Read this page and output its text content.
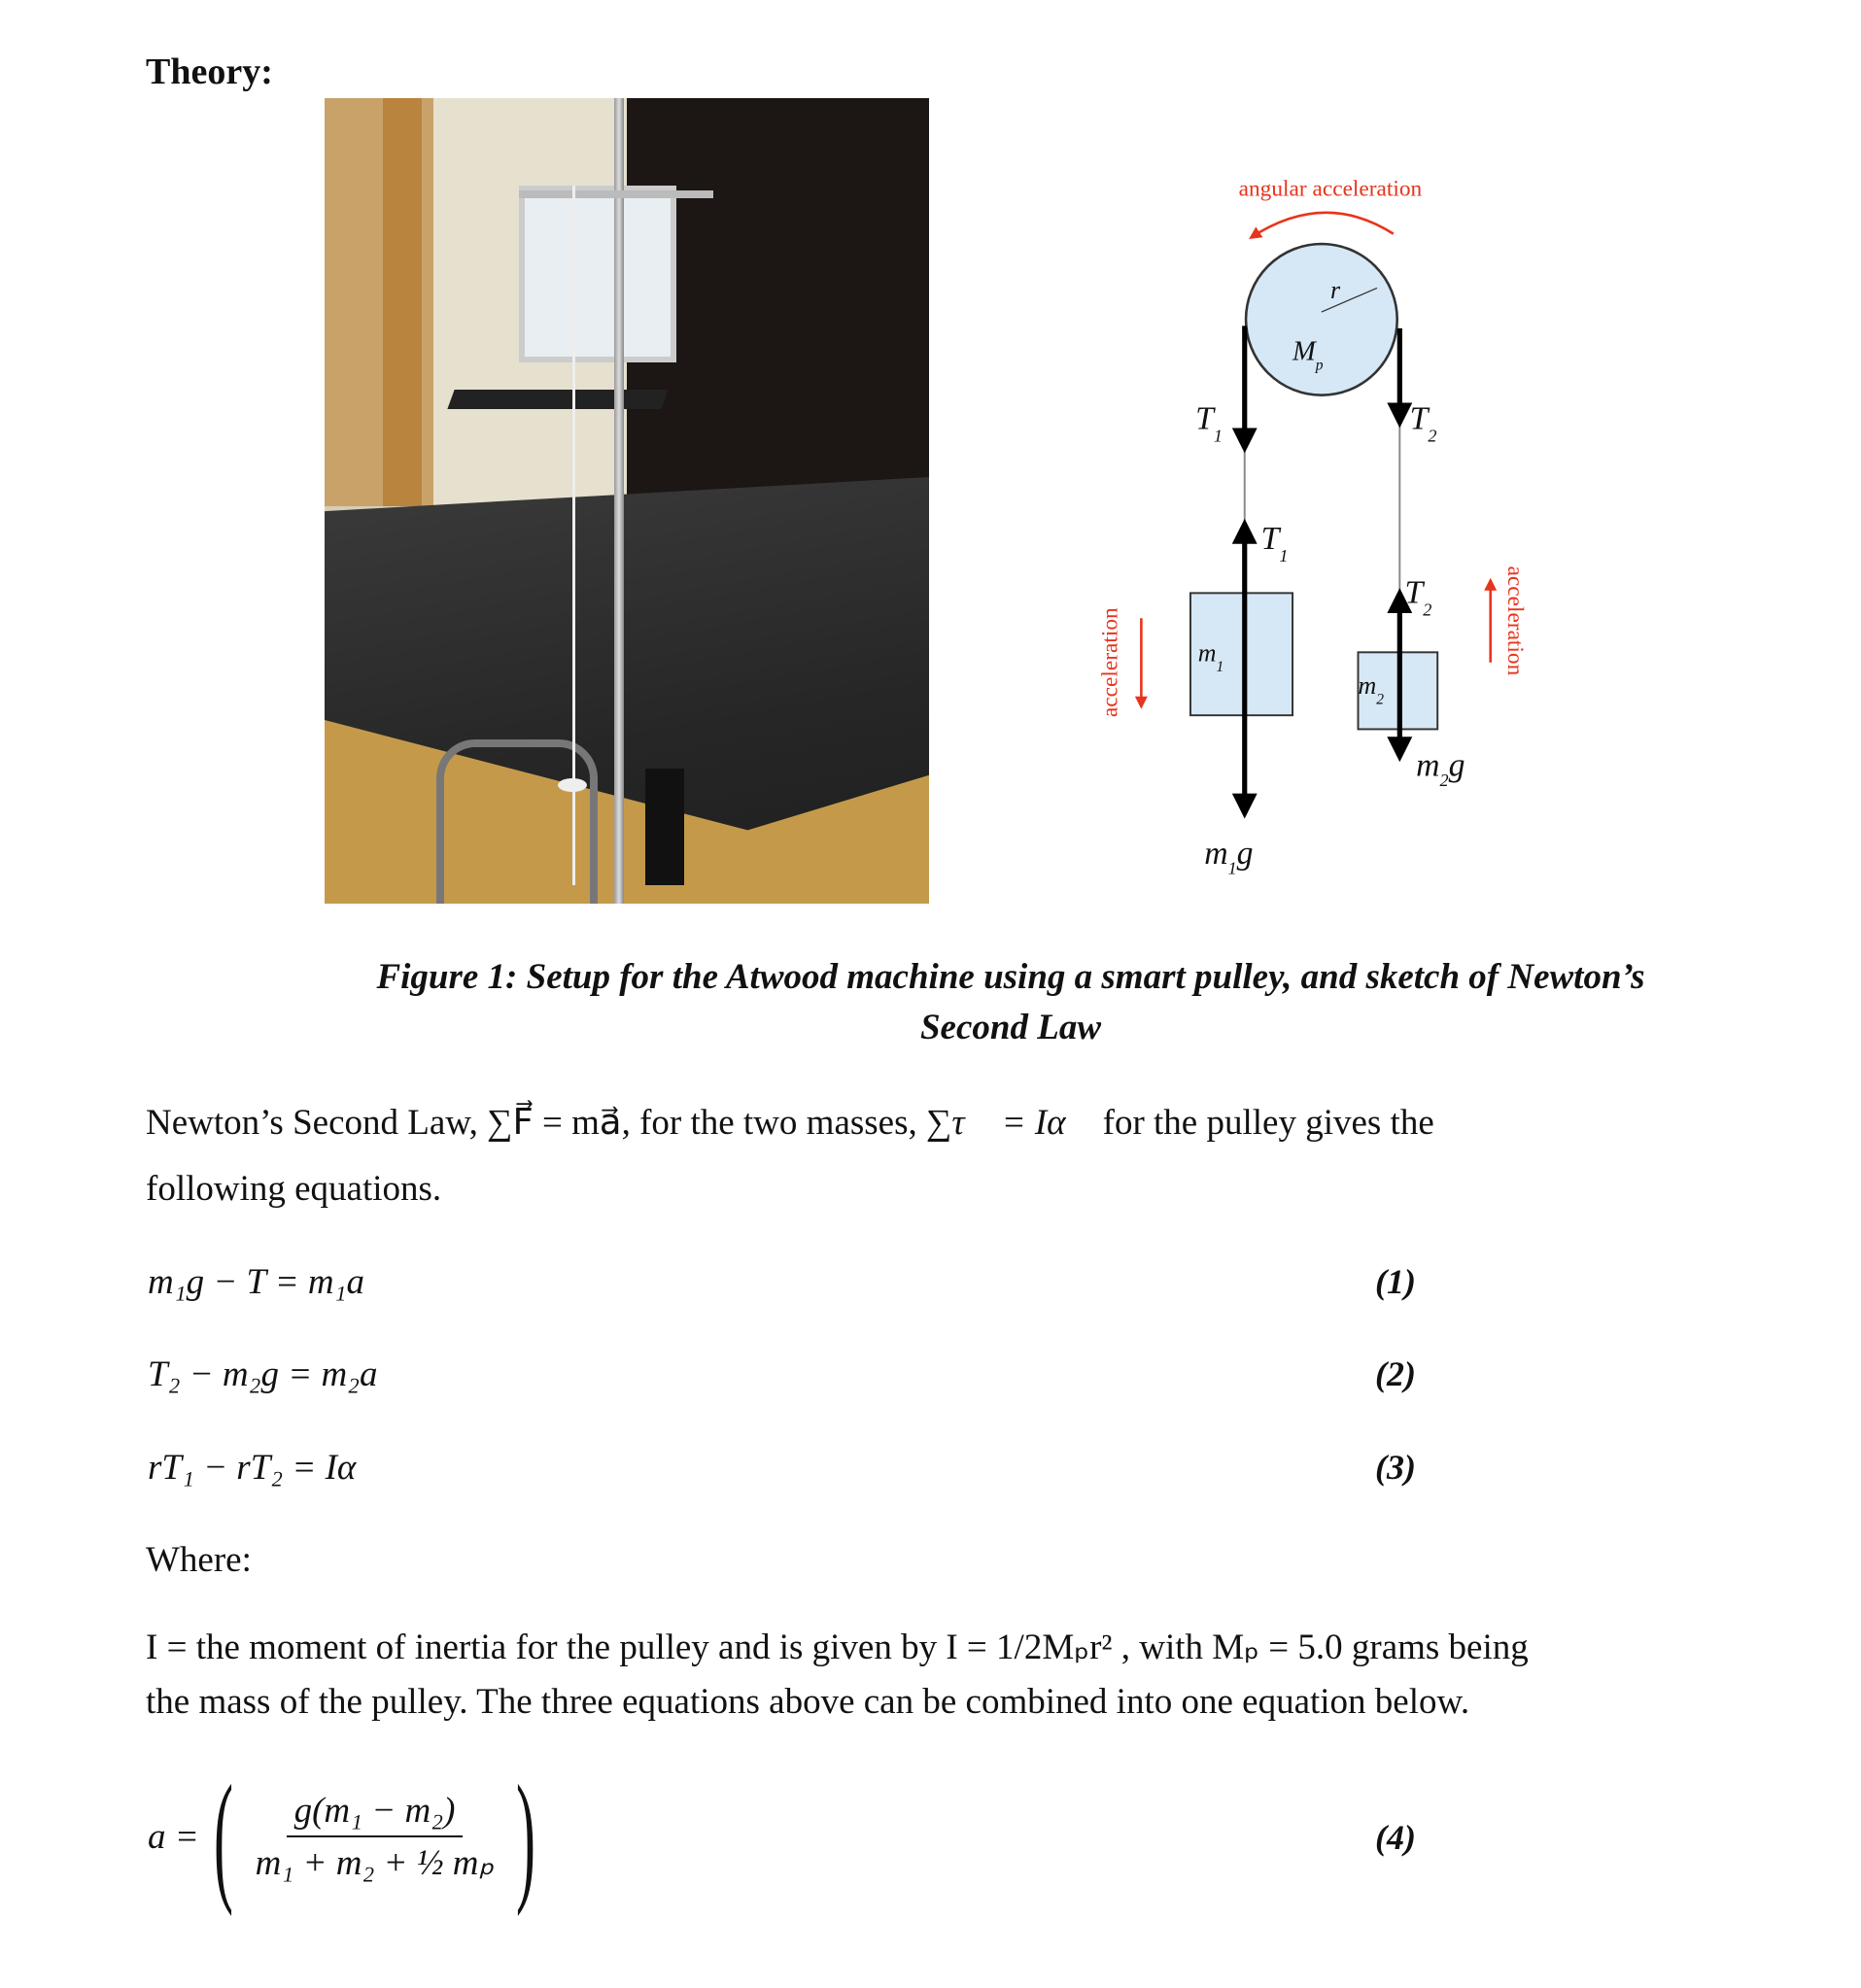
Theory:
angular acceleration
acceleration	acceleration
r
$M_p$
$T_1$	$T_2$
$T_1$
$T_2$
$m_1$
$m_2$
$m_2g$
$m_1g$
Figure 1: Setup for the Atwood machine using a smart pulley, and sketch of Newton’s
Second Law
Newton’s Second Law, ∑F⃗ = ma⃗, for the two masses, ∑τ⃗ = Iα⃗ for the pulley gives the
following equations.
m₁g − T = m₁a	(1)
T₂ − m₂g = m₂a	(2)
rT₁ − rT₂ = Iα	(3)
Where:
I = the moment of inertia for the pulley and is given by I = 1/2Mₚr² , with Mₚ = 5.0 grams being
the mass of the pulley. The three equations above can be combined into one equation below.
a = ( $\frac{\text{g(m₁ − m₂)}}{\text{m₁ + m₂ + ½ mₚ}}$ )	(4)
